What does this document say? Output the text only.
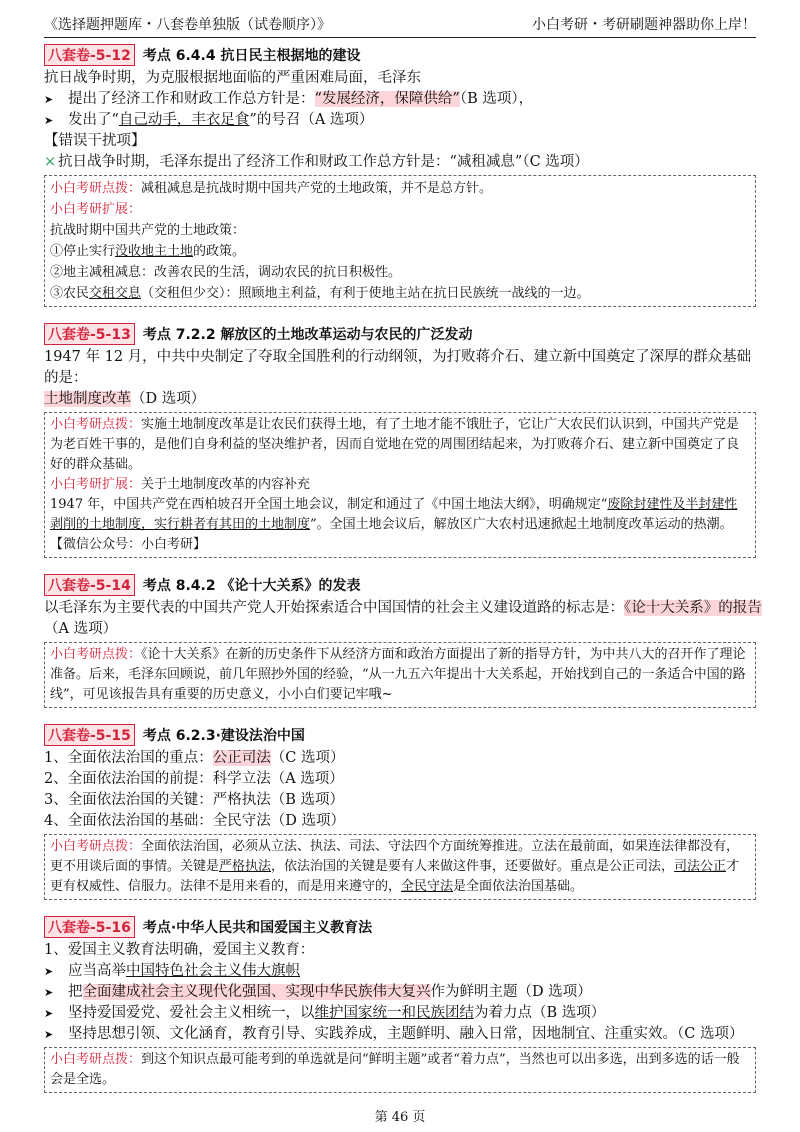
《选择题押题库・八套卷单独版（试卷顺序）》	小白考研・考研刷题神器助你上岸！
八套卷-5-12 考点 6.4.4 抗日民主根据地的建设
抗日战争时期，为克服根据地面临的严重困难局面，毛泽东
➤ 提出了经济工作和财政工作总方针是：“发展经济，保障供给”（B 选项），
➤ 发出了“自己动手，丰衣足食”的号召（A 选项）
【错误干扰项】
× 抗日战争时期，毛泽东提出了经济工作和财政工作总方针是：“减租减息”（C 选项）
小白考研点拨：减租减息是抗战时期中国共产党的土地政策，并不是总方针。
小白考研扩展：
抗战时期中国共产党的土地政策：
①停止实行没收地主土地的政策。
②地主减租减息：改善农民的生活，调动农民的抗日积极性。
③农民交租交息（交租但少交）：照顾地主利益，有利于使地主站在抗日民族统一战线的一边。
八套卷-5-13 考点 7.2.2 解放区的土地改革运动与农民的广泛发动
1947 年 12 月，中共中央制定了夺取全国胜利的行动纲领，为打败蒋介石、建立新中国奠定了深厚的群众基础的是：
土地制度改革（D 选项）
小白考研点拨：实施土地制度改革是让农民们获得土地，有了土地才能不饿肚子，它让广大农民们认识到，中国共产党是为老百姓干事的，是他们自身利益的坚决维护者，因而自觉地在党的周围团结起来，为打败蒋介石、建立新中国奠定了良好的群众基础。
小白考研扩展：关于土地制度改革的内容补充
1947 年，中国共产党在西柏坡召开全国土地会议，制定和通过了《中国土地法大纲》，明确规定“废除封建性及半封建性剥削的土地制度，实行耕者有其田的土地制度”。全国土地会议后，解放区广大农村迅速掀起土地制度改革运动的热潮。【微信公众号：小白考研】
八套卷-5-14 考点 8.4.2 《论十大关系》的发表
以毛泽东为主要代表的中国共产党人开始探索适合中国国情的社会主义建设道路的标志是：《论十大关系》的报告
（A 选项）
小白考研点拨：《论十大关系》在新的历史条件下从经济方面和政治方面提出了新的指导方针，为中共八大的召开作了理论准备。后来，毛泽东回顾说，前几年照抄外国的经验，“从一九五六年提出十大关系起，开始找到自己的一条适合中国的路线”，可见该报告具有重要的历史意义，小小白们要记牢哦~
八套卷-5-15 考点 6.2.3·建设法治中国
1、全面依法治国的重点：公正司法（C 选项）
2、全面依法治国的前提：科学立法（A 选项）
3、全面依法治国的关键：严格执法（B 选项）
4、全面依法治国的基础：全民守法（D 选项）
小白考研点拨：全面依法治国，必须从立法、执法、司法、守法四个方面统筹推进。立法在最前面，如果连法律都没有，更不用谈后面的事情。关键是严格执法，依法治国的关键是要有人来做这件事，还要做好。重点是公正司法，司法公正才更有权威性、信服力。法律不是用来看的，而是用来遵守的，全民守法是全面依法治国基础。
八套卷-5-16 考点·中华人民共和国爱国主义教育法
1、爱国主义教育法明确，爱国主义教育：
➤ 应当高举中国特色社会主义伟大旗帜
➤ 把全面建成社会主义现代化强国、实现中华民族伟大复兴作为鲜明主题（D 选项）
➤ 坚持爱国爱党、爱社会主义相统一，以维护国家统一和民族团结为着力点（B 选项）
➤ 坚持思想引领、文化涵育，教育引导、实践养成，主题鲜明、融入日常，因地制宜、注重实效。（C 选项）
小白考研点拨：到这个知识点最可能考到的单选就是问“鲜明主题”或者“着力点”，当然也可以出多选，出到多选的话一般会是全选。
第 46 页
